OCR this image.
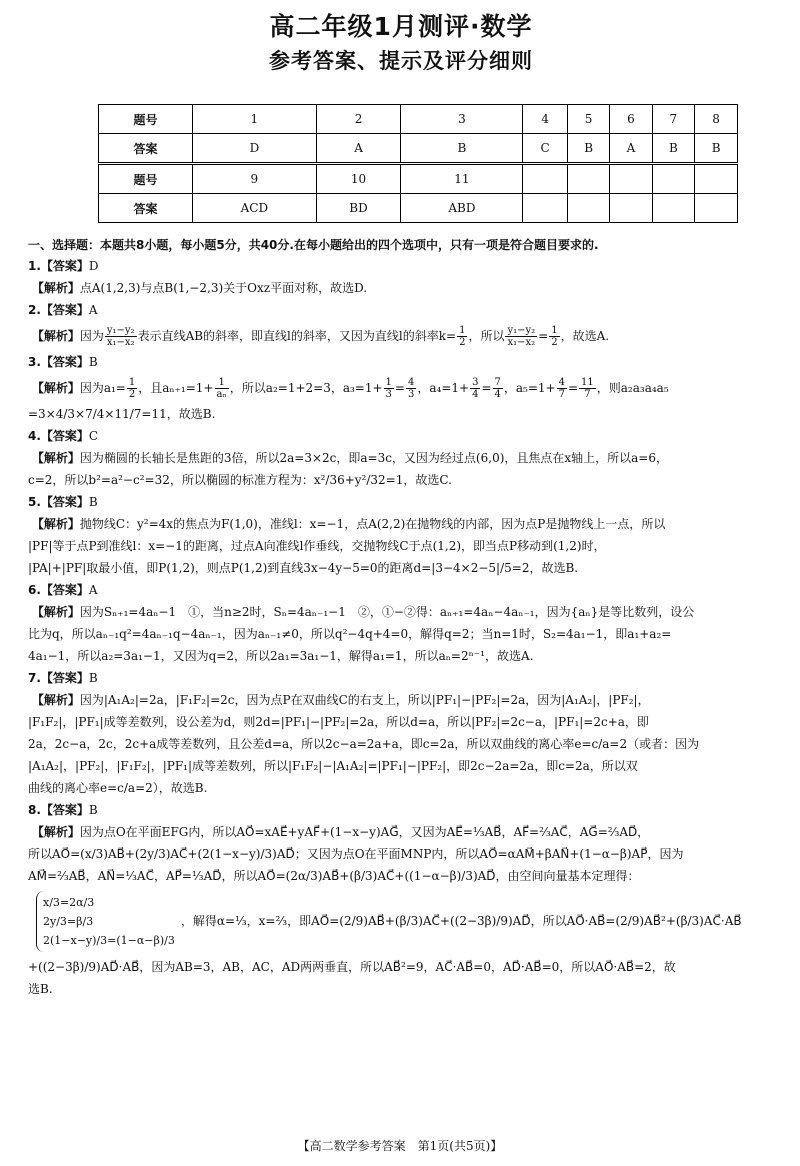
高二年级1月测评·数学
参考答案、提示及评分细则
题号	1	2	3	4	5	6	7	8
答案	D	A	B	C	B	A	B	B
题号	9	10	11					
答案	ACD	BD	ABD					
一、选择题：本题共8小题，每小题5分，共40分.在每小题给出的四个选项中，只有一项是符合题目要求的.

1.【答案】D

【解析】点A(1,2,3)与点B(1,−2,3)关于Oxz平面对称，故选D.

2.【答案】A

【解析】因为 $\frac{\text{y₁−y₂}}{\text{x₁−x₂}}$ 表示直线AB的斜率，即直线l的斜率，又因为直线l的斜率$k= \frac{1}{2}$ ，所以 $\frac{\text{y₁−y₂}}{\text{x₁−x₂}} = \frac{1}{2}$ ，故选A.

3.【答案】B

【解析】因为$a_1= \frac{1}{2}$ ，且$a_{n+1}=1+ \frac{1}{\text{aₙ}}$ ，所以a₂=1+2=3，$a_3=1+ \frac{1}{3} = \frac{4}{3}$ ，$a_4=1+ \frac{3}{4} = \frac{7}{4}$ ，$a_5=1+ \frac{4}{7} = \frac{11}{7}$ ，则a₂a₃a₄a₅

=3×4/3×7/4×11/7=11，故选B.

4.【答案】C

【解析】因为椭圆的长轴长是焦距的3倍，所以2a=3×2c，即a=3c，又因为经过点(6,0)，且焦点在x轴上，所以a=6，

c=2，所以b²=a²−c²=32，所以椭圆的标准方程为：x²/36+y²/32=1，故选C.

5.【答案】B

【解析】抛物线C：y²=4x的焦点为F(1,0)，准线l：x=−1，点A(2,2)在抛物线的内部，因为点P是抛物线上一点，所以

|PF|等于点P到准线l：x=−1的距离，过点A向准线l作垂线，交抛物线C于点(1,2)，即当点P移动到(1,2)时，

|PA|+|PF|取最小值，即P(1,2)，则点P(1,2)到直线3x−4y−5=0的距离d=|3−4×2−5|/5=2，故选B.

6.【答案】A

【解析】因为Sₙ₊₁=4aₙ−1　①，当n≥2时，Sₙ=4aₙ₋₁−1　②，①−②得：aₙ₊₁=4aₙ−4aₙ₋₁，因为{aₙ}是等比数列，设公

比为q，所以aₙ₋₁q²=4aₙ₋₁q−4aₙ₋₁，因为aₙ₋₁≠0，所以q²−4q+4=0，解得q=2；当n=1时，S₂=4a₁−1，即a₁+a₂=

4a₁−1，所以a₂=3a₁−1，又因为q=2，所以2a₁=3a₁−1，解得a₁=1，所以aₙ=2ⁿ⁻¹，故选A.

7.【答案】B

【解析】因为|A₁A₂|=2a，|F₁F₂|=2c，因为点P在双曲线C的右支上，所以|PF₁|−|PF₂|=2a，因为|A₁A₂|，|PF₂|，

|F₁F₂|，|PF₁|成等差数列，设公差为d，则2d=|PF₁|−|PF₂|=2a，所以d=a，所以|PF₂|=2c−a，|PF₁|=2c+a，即

2a，2c−a，2c，2c+a成等差数列，且公差d=a，所以2c−a=2a+a，即c=2a，所以双曲线的离心率e=c/a=2（或者：因为

|A₁A₂|，|PF₂|，|F₁F₂|，|PF₁|成等差数列，所以|F₁F₂|−|A₁A₂|=|PF₁|−|PF₂|，即2c−2a=2a，即c=2a，所以双

曲线的离心率e=c/a=2），故选B.

8.【答案】B

【解析】因为点O在平面EFG内，所以AO⃗=xAE⃗+yAF⃗+(1−x−y)AG⃗，又因为AE⃗=⅓AB⃗，AF⃗=⅔AC⃗，AG⃗=⅔AD⃗，

所以AO⃗=(x/3)AB⃗+(2y/3)AC⃗+(2(1−x−y)/3)AD⃗；又因为点O在平面MNP内，所以AO⃗=αAM⃗+βAN⃗+(1−α−β)AP⃗，因为

AM⃗=⅔AB⃗，AN⃗=⅓AC⃗，AP⃗=⅓AD⃗，所以AO⃗=(2α/3)AB⃗+(β/3)AC⃗+((1−α−β)/3)AD⃗，由空间向量基本定理得：

x/3=2α/3
2y/3=β/3
2(1−x−y)/3=(1−α−β)/3
，解得α=⅓，x=⅔，即AO⃗=(2/9)AB⃗+(β/3)AC⃗+((2−3β)/9)AD⃗，所以AO⃗·AB⃗=(2/9)AB⃗²+(β/3)AC⃗·AB⃗

+((2−3β)/9)AD⃗·AB⃗，因为AB=3，AB，AC，AD两两垂直，所以AB⃗²=9，AC⃗·AB⃗=0，AD⃗·AB⃗=0，所以AO⃗·AB⃗=2，故

选B.

【高二数学参考答案　第1页(共5页)】
